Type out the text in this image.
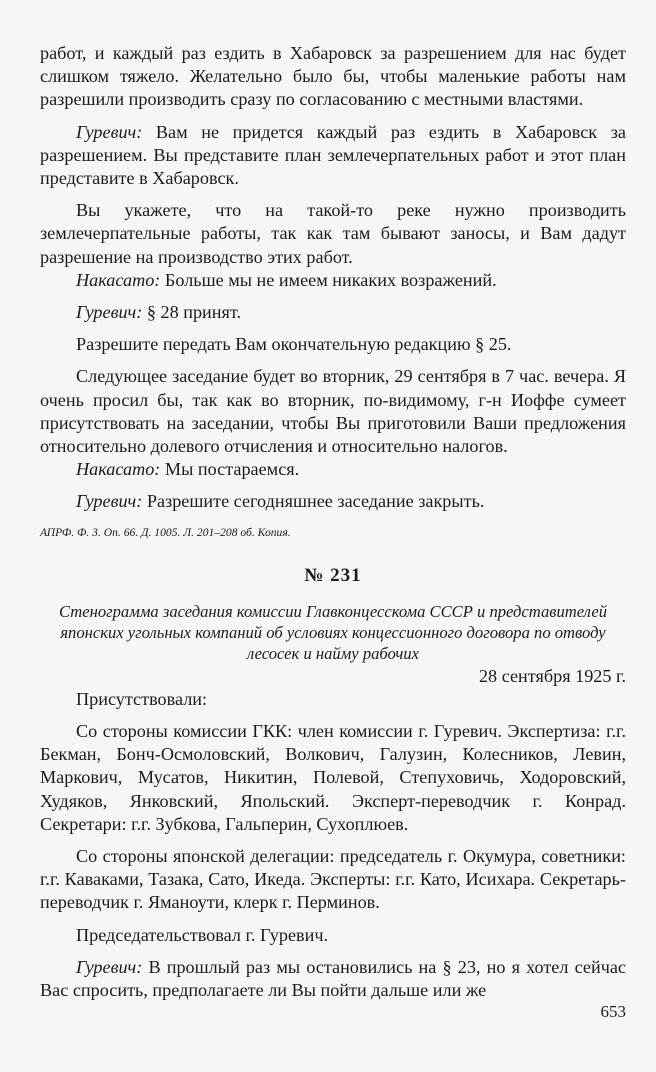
работ, и каждый раз ездить в Хабаровск за разрешением для нас будет слишком тяжело. Желательно было бы, чтобы маленькие работы нам разрешили производить сразу по согласованию с местными властями.

Гуревич: Вам не придется каждый раз ездить в Хабаровск за разрешением. Вы представите план землечерпательных работ и этот план представите в Хабаровск.

Вы укажете, что на такой-то реке нужно производить землечерпательные работы, так как там бывают заносы, и Вам дадут разрешение на производство этих работ.

Накасато: Больше мы не имеем никаких возражений.

Гуревич: § 28 принят.

Разрешите передать Вам окончательную редакцию § 25.

Следующее заседание будет во вторник, 29 сентября в 7 час. вечера. Я очень просил бы, так как во вторник, по-видимому, г-н Иоффе сумеет присутствовать на заседании, чтобы Вы приготовили Ваши предложения относительно долевого отчисления и относительно налогов.

Накасато: Мы постараемся.

Гуревич: Разрешите сегодняшнее заседание закрыть.

АПРФ. Ф. 3. Оп. 66. Д. 1005. Л. 201–208 об. Копия.

№ 231

Стенограмма заседания комиссии Главконцесскома СССР и представителей японских угольных компаний об условиях концессионного договора по отводу лесосек и найму рабочих

28 сентября 1925 г.

Присутствовали:

Со стороны комиссии ГКК: член комиссии г. Гуревич. Экспертиза: г.г. Бекман, Бонч-Осмоловский, Волкович, Галузин, Колесников, Левин, Маркович, Мусатов, Никитин, Полевой, Степуховичь, Ходоровский, Худяков, Янковский, Япольский. Эксперт-переводчик г. Конрад. Секретари: г.г. Зубкова, Гальперин, Сухоплюев.

Со стороны японской делегации: председатель г. Окумура, советники: г.г. Каваками, Тазака, Сато, Икеда. Эксперты: г.г. Като, Исихара. Секретарь-переводчик г. Яманоути, клерк г. Перминов.

Председательствовал г. Гуревич.

Гуревич: В прошлый раз мы остановились на § 23, но я хотел сейчас Вас спросить, предполагаете ли Вы пойти дальше или же

653
